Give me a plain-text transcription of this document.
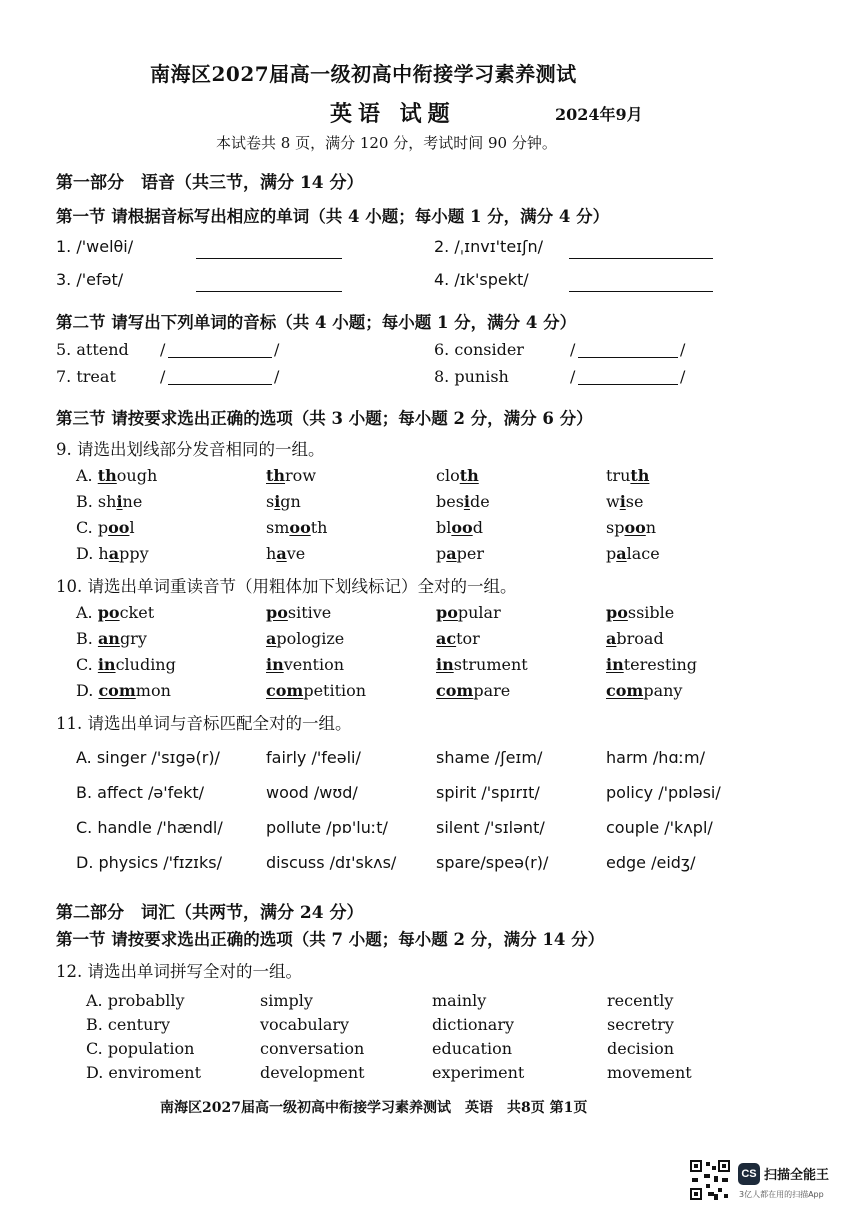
南海区2027届高一级初高中衔接学习素养测试
英语 试题	2024年9月
本试卷共 8 页，满分 120 分，考试时间 90 分钟。
第一部分　语音（共三节，满分 14 分）
第一节 请根据音标写出相应的单词（共 4 小题；每小题 1 分，满分 4 分）
1. /'welθi/	2. /ˌɪnvɪ'teɪʃn/
3. /'efət/	4. /ɪk'spekt/
第二节 请写出下列单词的音标（共 4 小题；每小题 1 分，满分 4 分）
5. attend /	/	6. consider	/	/
7. treat	/	/	8. punish	/	/
第三节 请按要求选出正确的选项（共 3 小题；每小题 2 分，满分 6 分）
9. 请选出划线部分发音相同的一组。
A. though	throw	cloth	truth
B. shine	sign	beside	wise
C. pool	smooth	blood	spoon
D. happy	have	paper	palace
10. 请选出单词重读音节（用粗体加下划线标记）全对的一组。
A. pocket	positive	popular	possible
B. angry	apologize	actor	abroad
C. including	invention	instrument	interesting
D. common	competition	compare	company
11. 请选出单词与音标匹配全对的一组。
A. singer /'sɪgə(r)/	fairly /'feəli/	shame /ʃeɪm/	harm /hɑːm/
B. affect /ə'fekt/	wood /wʊd/	spirit /'spɪrɪt/	policy /'pɒləsi/
C. handle /'hændl/	pollute /pɒ'luːt/	silent /'sɪlənt/	couple /'kʌpl/
D. physics /'fɪzɪks/	discuss /dɪ'skʌs/ spare/speə(r)/	edge /eidʒ/
第二部分　词汇（共两节，满分 24 分）
第一节 请按要求选出正确的选项（共 7 小题；每小题 2 分，满分 14 分）
12. 请选出单词拼写全对的一组。
A. probablly	simply	mainly	recently
B. century	vocabulary	dictionary	secretry
C. population	conversation	education	decision
D. enviroment	development	experiment	movement
南海区2027届高一级初高中衔接学习素养测试　英语　共8页 第1页
CS 扫描全能王
3亿人都在用的扫描App
